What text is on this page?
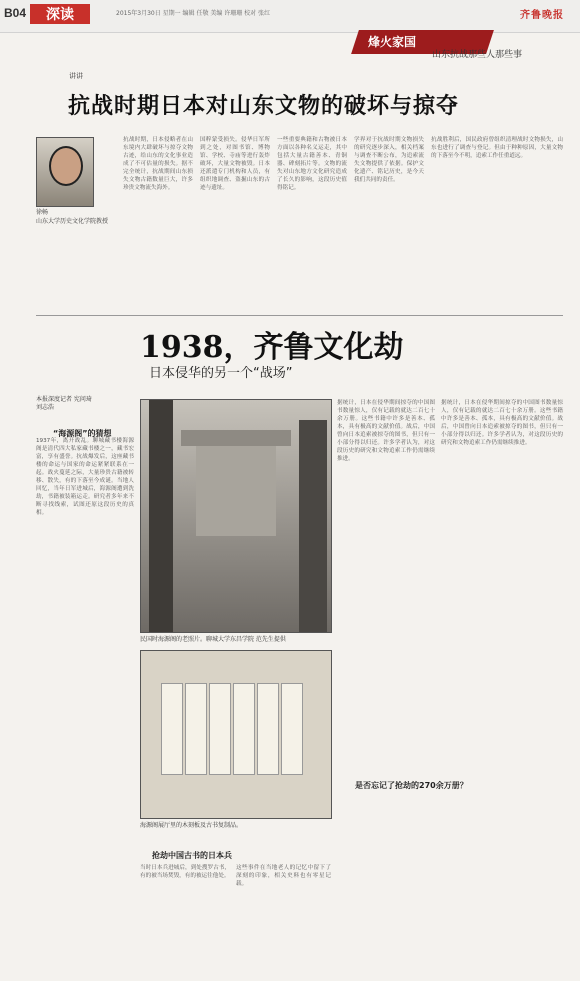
B04	深读	2015年3月30日 星期一 编辑 任敬 美编 许珊珊 校对 张红	齐鲁晚报
烽火家国
山东抗战那些人那些事
讲讲
抗战时期日本对山东文物的破坏与掠夺
徐畅
山东大学历史文化学院教授
抗战时期，日本侵略者在山东境内大肆破坏与掠夺文物古迹，给山东的文化事业造成了不可估量的损失。据不完全统计，抗战期间山东损失文物古籍数量巨大，许多珍贵文物流失海外。
国粹蒙受损失。侵华日军所到之处，对图书馆、博物馆、学校、寺庙等进行轰炸破坏，大量文物被毁。日本还派遣专门机构和人员，有组织地调查、盗掘山东的古迹与遗址。
一些重要典籍和古物被日本方面以各种名义运走，其中包括大量古籍善本、青铜器、碑刻拓片等。文物的流失对山东地方文化研究造成了长久的影响，这段历史值得铭记。
学界对于抗战时期文物损失的研究逐步深入，相关档案与调查不断公布，为追索流失文物提供了依据。保护文化遗产、铭记历史，是今天我们共同的责任。
抗战胜利后，国民政府曾组织清理战时文物损失，山东也进行了调查与登记。但由于种种原因，大量文物的下落至今不明，追索工作任重道远。
1938，齐鲁文化劫
日本侵华的另一个“战场”
本报深度记者 宪问琦
刘志浩
“海源阁”的猜想
1937年，离开战乱。聊城藏书楼海源阁是清代四大私家藏书楼之一，藏书宏富，享有盛誉。抗战爆发后，这座藏书楼的命运与国家的命运紧紧联系在一起。战火蔓延之际，大量珍贵古籍被转移、散失，有的下落至今成谜。当地人回忆，当年日军进城后，海源阁遭到洗劫，书籍被装箱运走。研究者多年来不断寻找线索，试图还原这段历史的真相。
民国时海源阁的老照片。聊城大学东昌学院 范先生提供
海源阁展厅里的木刻板及古书复制品。
抢劫中国古书的日本兵
当时日本兵进城后，到处搜罗古书，有的被当场焚毁，有的被运往他处。
这些事件在当地老人的记忆中留下了深刻的印象，相关史料也有零星记载。
据统计，日本在侵华期间掠夺的中国图书数量惊人，仅有记载的就达二百七十余万册。这些书籍中许多是善本、孤本，具有极高的文献价值。战后，中国曾向日本追索被掠夺的图书，但只有一小部分得以归还。许多学者认为，对这段历史的研究和文物追索工作仍需继续推进。
是否忘记了抢劫的270余万册？
据统计，日本在侵华期间掠夺的中国图书数量惊人，仅有记载的就达二百七十余万册。这些书籍中许多是善本、孤本，具有极高的文献价值。战后，中国曾向日本追索被掠夺的图书，但只有一小部分得以归还。许多学者认为，对这段历史的研究和文物追索工作仍需继续推进。
